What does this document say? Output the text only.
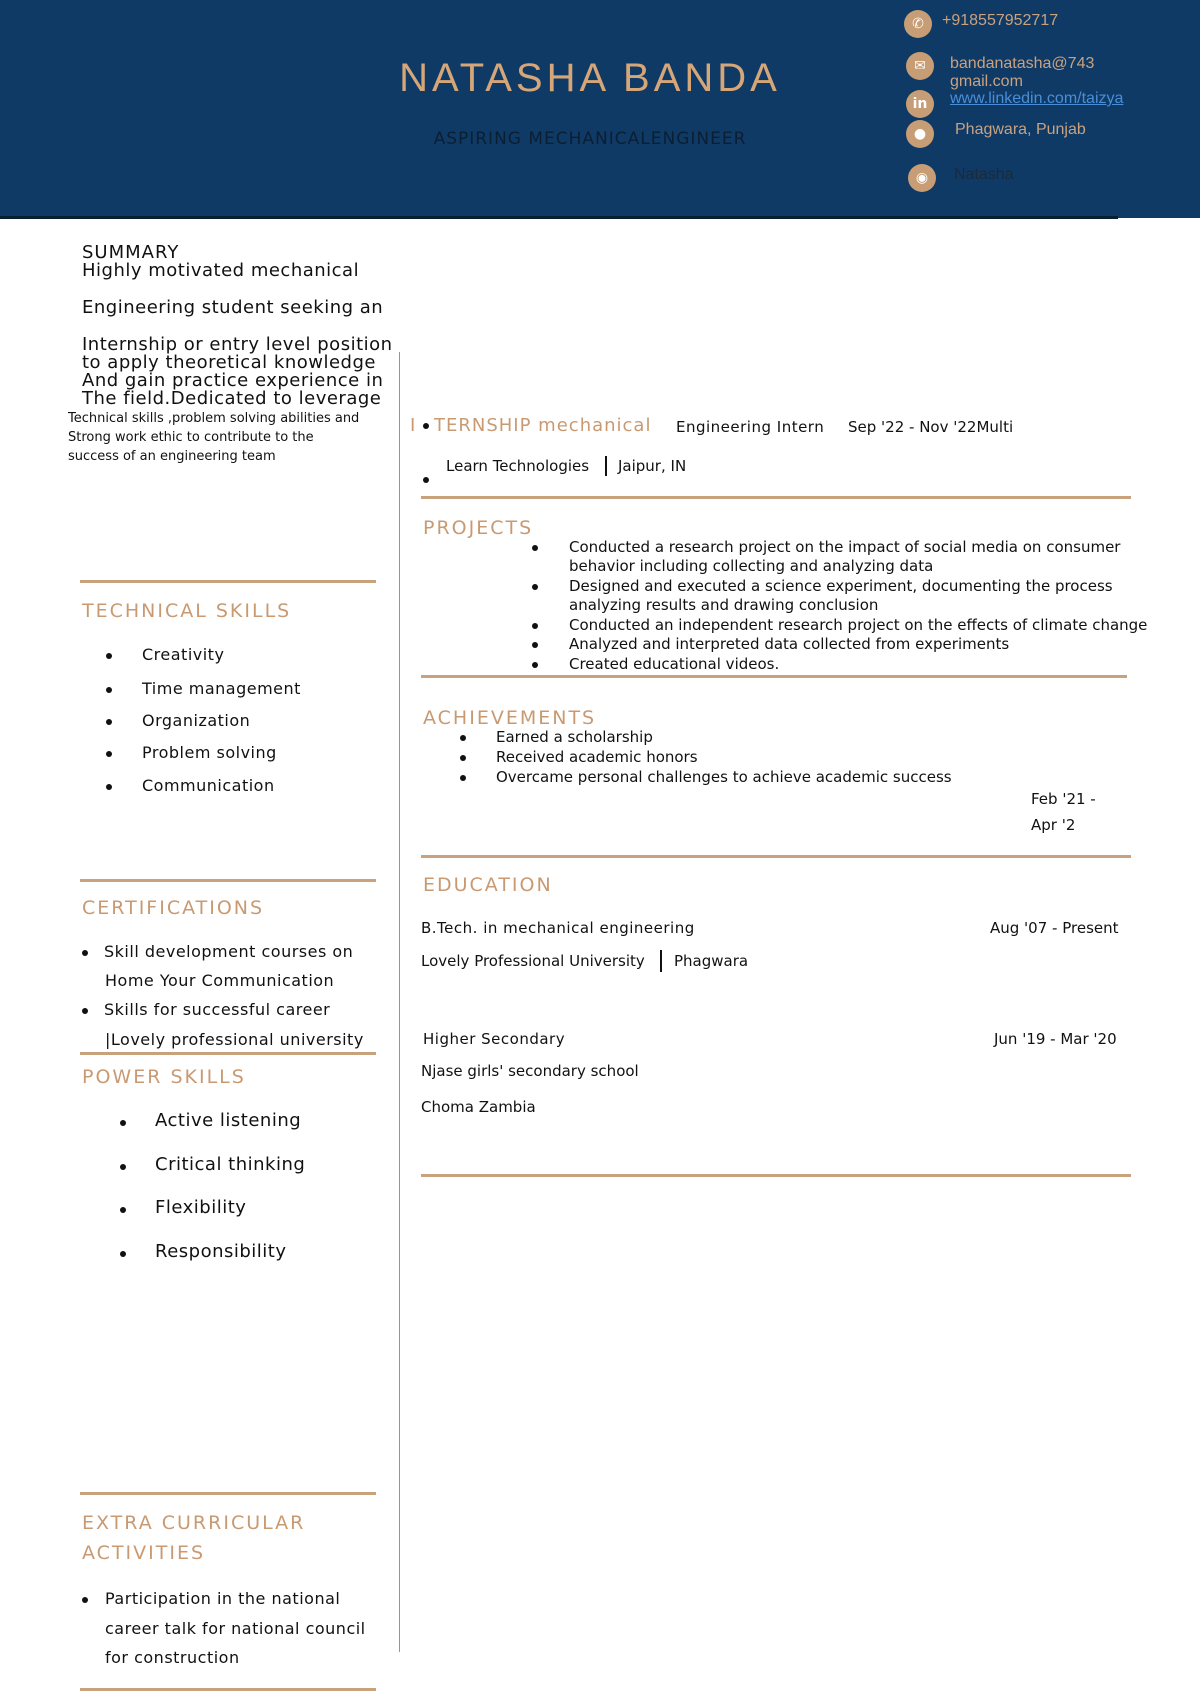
NATASHA BANDA
ASPIRING MECHANICALENGINEER
✆	+918557952717
✉	bandanatasha@743
gmail.com
in	www.linkedin.com/taizya
●	Phagwara, Punjab
◉	Natasha
SUMMARY
Highly motivated mechanical
Engineering student seeking an
Internship or entry level position
to apply theoretical knowledge
And gain practice experience in
The field.Dedicated to leverage
Technical skills ,problem solving abilities and
Strong work ethic to contribute to the
success of an engineering team
TECHNICAL SKILLS
Creativity
Time management
Organization
Problem solving
Communication
CERTIFICATIONS
Skill development courses on
Home Your Communication
Skills for successful career
|Lovely professional university
POWER SKILLS
Active listening
Critical thinking
Flexibility
Responsibility
EXTRA CURRICULAR
ACTIVITIES
Participation in the national
career talk for national council
for construction
I TERNSHIP mechanical Engineering Intern Sep '22 - Nov '22Multi
Learn Technologies Jaipur, IN
PROJECTS
Conducted a research project on the impact of social media on consumer
behavior including collecting and analyzing data
Designed and executed a science experiment, documenting the process
analyzing results and drawing conclusion
Conducted an independent research project on the effects of climate change
Analyzed and interpreted data collected from experiments
Created educational videos.
ACHIEVEMENTS
Earned a scholarship
Received academic honors
Overcame personal challenges to achieve academic success
Feb '21 -
Apr '2
EDUCATION
B.Tech. in mechanical engineering	Aug '07 - Present
Lovely Professional University Phagwara
Higher Secondary	Jun '19 - Mar '20
Njase girls' secondary school
Choma Zambia
